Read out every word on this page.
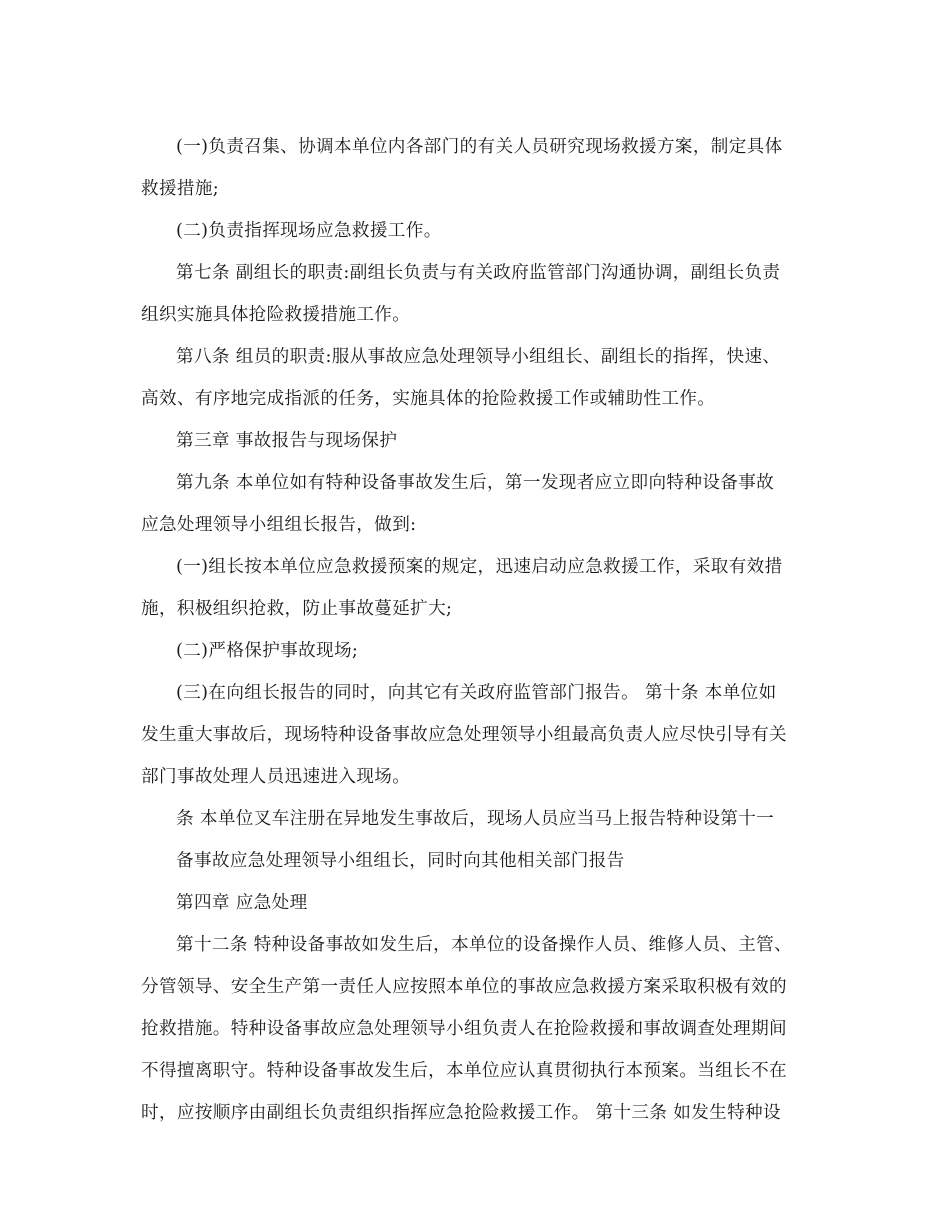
(一)负责召集、协调本单位内各部门的有关人员研究现场救援方案，制定具体
救援措施;
(二)负责指挥现场应急救援工作。
第七条 副组长的职责:副组长负责与有关政府监管部门沟通协调，副组长负责
组织实施具体抢险救援措施工作。
第八条 组员的职责:服从事故应急处理领导小组组长、副组长的指挥，快速、
高效、有序地完成指派的任务，实施具体的抢险救援工作或辅助性工作。
第三章 事故报告与现场保护
第九条 本单位如有特种设备事故发生后，第一发现者应立即向特种设备事故
应急处理领导小组组长报告，做到:
(一)组长按本单位应急救援预案的规定，迅速启动应急救援工作，采取有效措
施，积极组织抢救，防止事故蔓延扩大;
(二)严格保护事故现场;
(三)在向组长报告的同时，向其它有关政府监管部门报告。 第十条 本单位如
发生重大事故后，现场特种设备事故应急处理领导小组最高负责人应尽快引导有关
部门事故处理人员迅速进入现场。
条 本单位叉车注册在异地发生事故后，现场人员应当马上报告特种设第十一
备事故应急处理领导小组组长，同时向其他相关部门报告
第四章 应急处理
第十二条 特种设备事故如发生后，本单位的设备操作人员、维修人员、主管、
分管领导、安全生产第一责任人应按照本单位的事故应急救援方案采取积极有效的
抢救措施。特种设备事故应急处理领导小组负责人在抢险救援和事故调查处理期间
不得擅离职守。特种设备事故发生后，本单位应认真贯彻执行本预案。当组长不在
时，应按顺序由副组长负责组织指挥应急抢险救援工作。 第十三条 如发生特种设
